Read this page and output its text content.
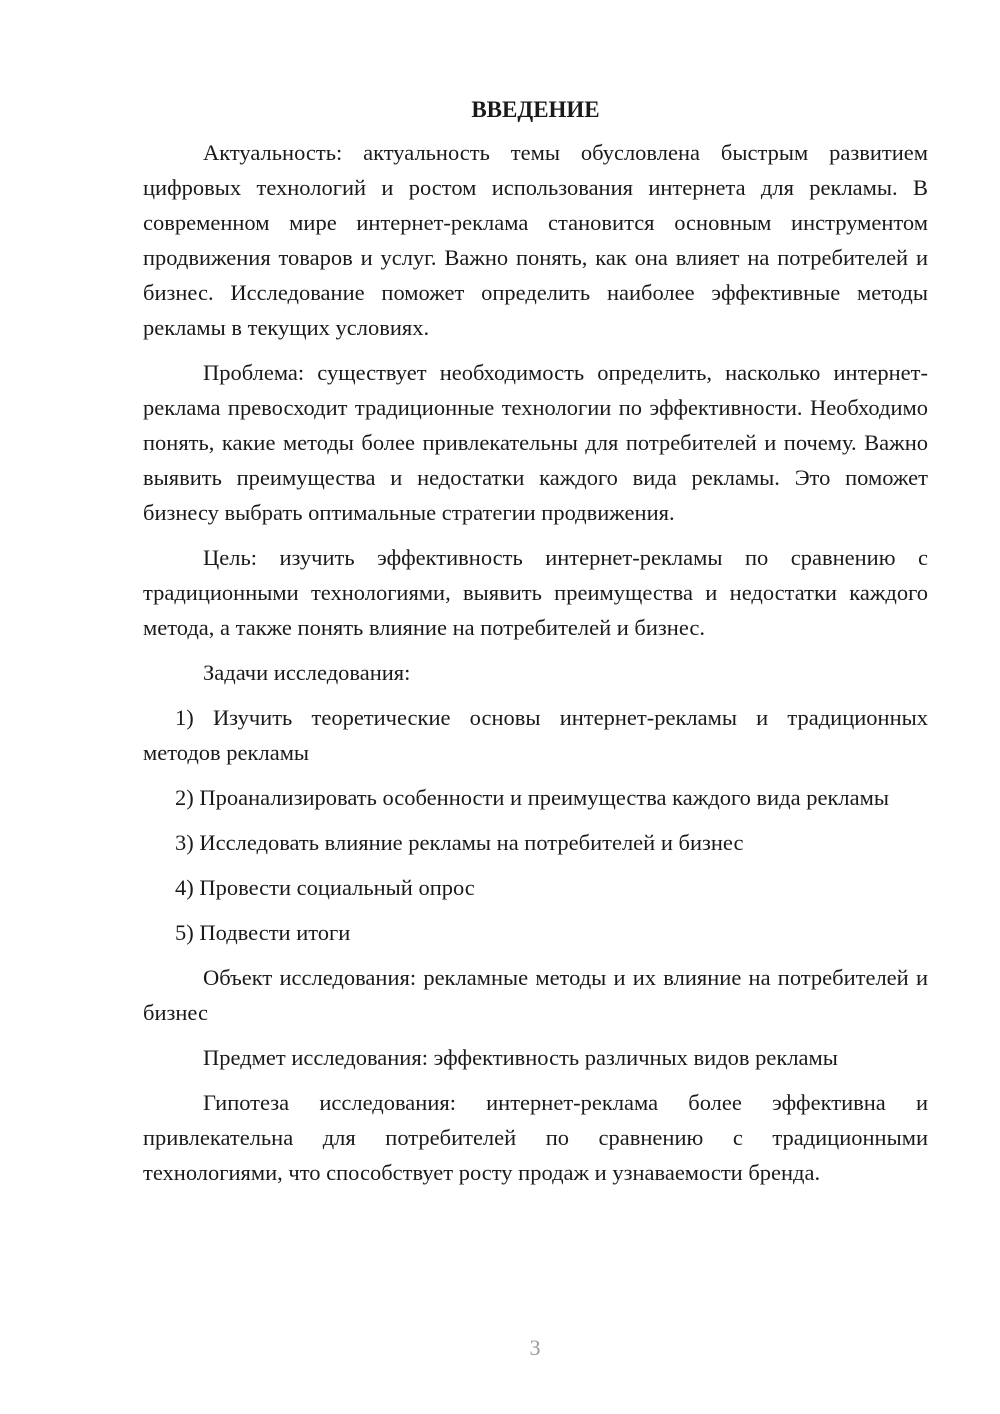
ВВЕДЕНИЕ

Актуальность: актуальность темы обусловлена быстрым развитием цифровых технологий и ростом использования интернета для рекламы. В современном мире интернет-реклама становится основным инструментом продвижения товаров и услуг. Важно понять, как она влияет на потребителей и бизнес. Исследование поможет определить наиболее эффективные методы рекламы в текущих условиях.

Проблема: существует необходимость определить, насколько интернет-реклама превосходит традиционные технологии по эффективности. Необходимо понять, какие методы более привлекательны для потребителей и почему. Важно выявить преимущества и недостатки каждого вида рекламы. Это поможет бизнесу выбрать оптимальные стратегии продвижения.

Цель: изучить эффективность интернет-рекламы по сравнению с традиционными технологиями, выявить преимущества и недостатки каждого метода, а также понять влияние на потребителей и бизнес.

Задачи исследования:

1) Изучить теоретические основы интернет-рекламы и традиционных методов рекламы

2) Проанализировать особенности и преимущества каждого вида рекламы

3) Исследовать влияние рекламы на потребителей и бизнес

4) Провести социальный опрос

5) Подвести итоги

Объект исследования: рекламные методы и их влияние на потребителей и бизнес

Предмет исследования: эффективность различных видов рекламы

Гипотеза исследования: интернет-реклама более эффективна и привлекательна для потребителей по сравнению с традиционными технологиями, что способствует росту продаж и узнаваемости бренда.

3
